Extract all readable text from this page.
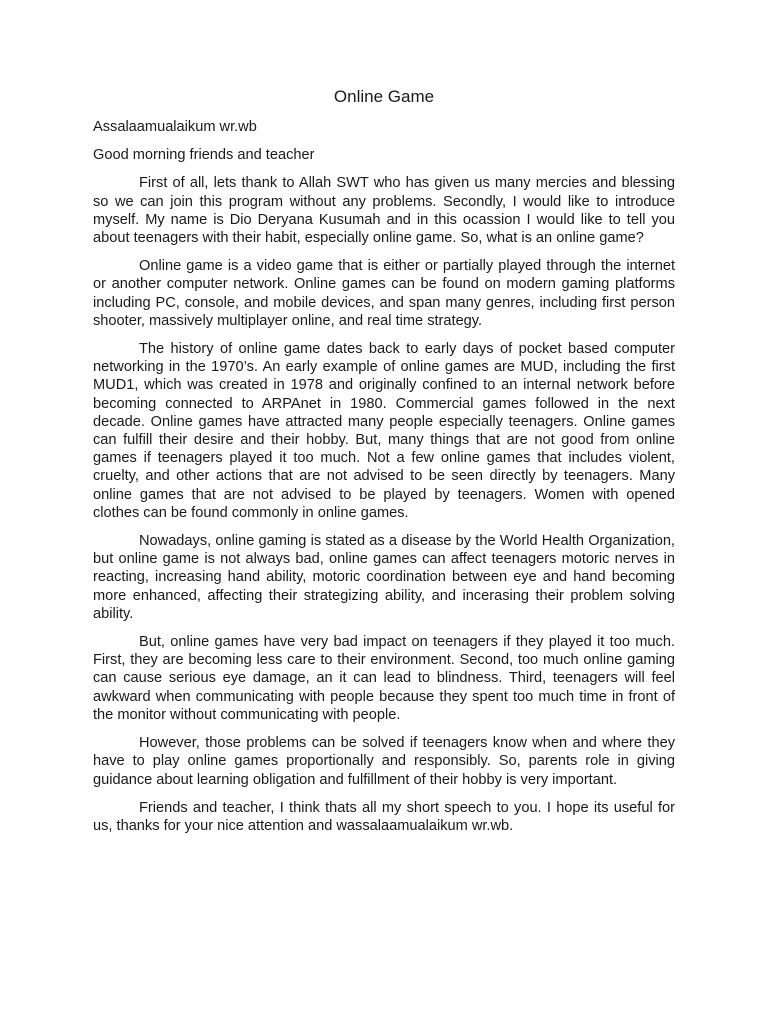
Online Game
Assalaamualaikum wr.wb
Good morning friends and teacher

First of all, lets thank to Allah SWT who has given us many mercies and blessing so we can join this program without any problems. Secondly, I would like to introduce myself. My name is Dio Deryana Kusumah and in this ocassion I would like to tell you about teenagers with their habit, especially online game. So, what is an online game?

Online game is a video game that is either or partially played through the internet or another computer network. Online games can be found on modern gaming platforms including PC, console, and mobile devices, and span many genres, including first person shooter, massively multiplayer online, and real time strategy.

The history of online game dates back to early days of pocket based computer networking in the 1970’s. An early example of online games are MUD, including the first MUD1, which was created in 1978 and originally confined to an internal network before becoming connected to ARPAnet in 1980. Commercial games followed in the next decade. Online games have attracted many people especially teenagers. Online games can fulfill their desire and their hobby. But, many things that are not good from online games if teenagers played it too much. Not a few online games that includes violent, cruelty, and other actions that are not advised to be seen directly by teenagers. Many online games that are not advised to be played by teenagers. Women with opened clothes can be found commonly in online games.

Nowadays, online gaming is stated as a disease by the World Health Organization, but online game is not always bad, online games can affect teenagers motoric nerves in reacting, increasing hand ability, motoric coordination between eye and hand becoming more enhanced, affecting their strategizing ability, and incerasing their problem solving ability.

But, online games have very bad impact on teenagers if they played it too much. First, they are becoming less care to their environment. Second, too much online gaming can cause serious eye damage, an it can lead to blindness. Third, teenagers will feel awkward when communicating with people because they spent too much time in front of the monitor without communicating with people.

However, those problems can be solved if teenagers know when and where they have to play online games proportionally and responsibly. So, parents role in giving guidance about learning obligation and fulfillment of their hobby is very important.

Friends and teacher, I think thats all my short speech to you. I hope its useful for us, thanks for your nice attention and wassalaamualaikum wr.wb.
